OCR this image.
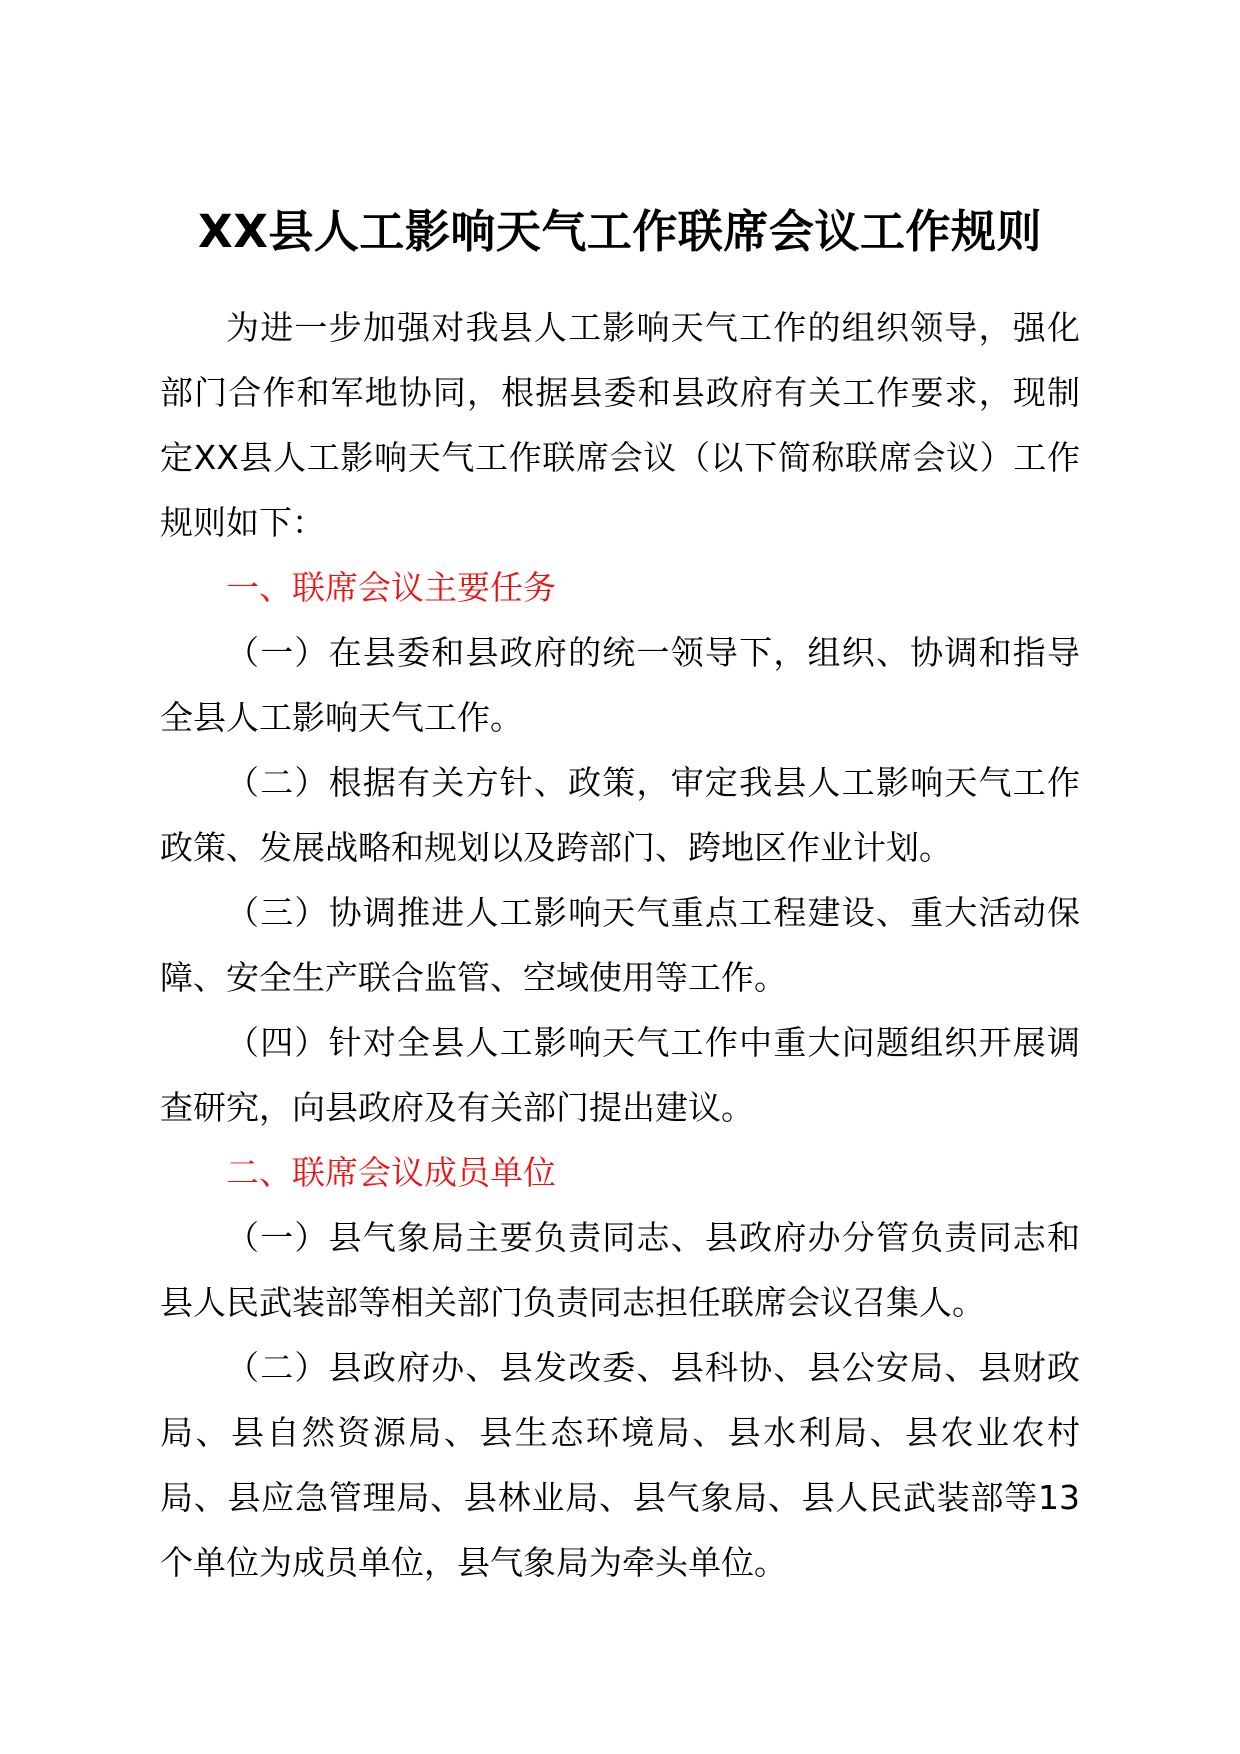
XX县人工影响天气工作联席会议工作规则

为进一步加强对我县人工影响天气工作的组织领导，强化部门合作和军地协同，根据县委和县政府有关工作要求，现制定XX县人工影响天气工作联席会议（以下简称联席会议）工作规则如下：

一、联席会议主要任务

（一）在县委和县政府的统一领导下，组织、协调和指导全县人工影响天气工作。

（二）根据有关方针、政策，审定我县人工影响天气工作政策、发展战略和规划以及跨部门、跨地区作业计划。

（三）协调推进人工影响天气重点工程建设、重大活动保障、安全生产联合监管、空域使用等工作。

（四）针对全县人工影响天气工作中重大问题组织开展调查研究，向县政府及有关部门提出建议。

二、联席会议成员单位

（一）县气象局主要负责同志、县政府办分管负责同志和县人民武装部等相关部门负责同志担任联席会议召集人。

（二）县政府办、县发改委、县科协、县公安局、县财政局、县自然资源局、县生态环境局、县水利局、县农业农村局、县应急管理局、县林业局、县气象局、县人民武装部等13个单位为成员单位，县气象局为牵头单位。
